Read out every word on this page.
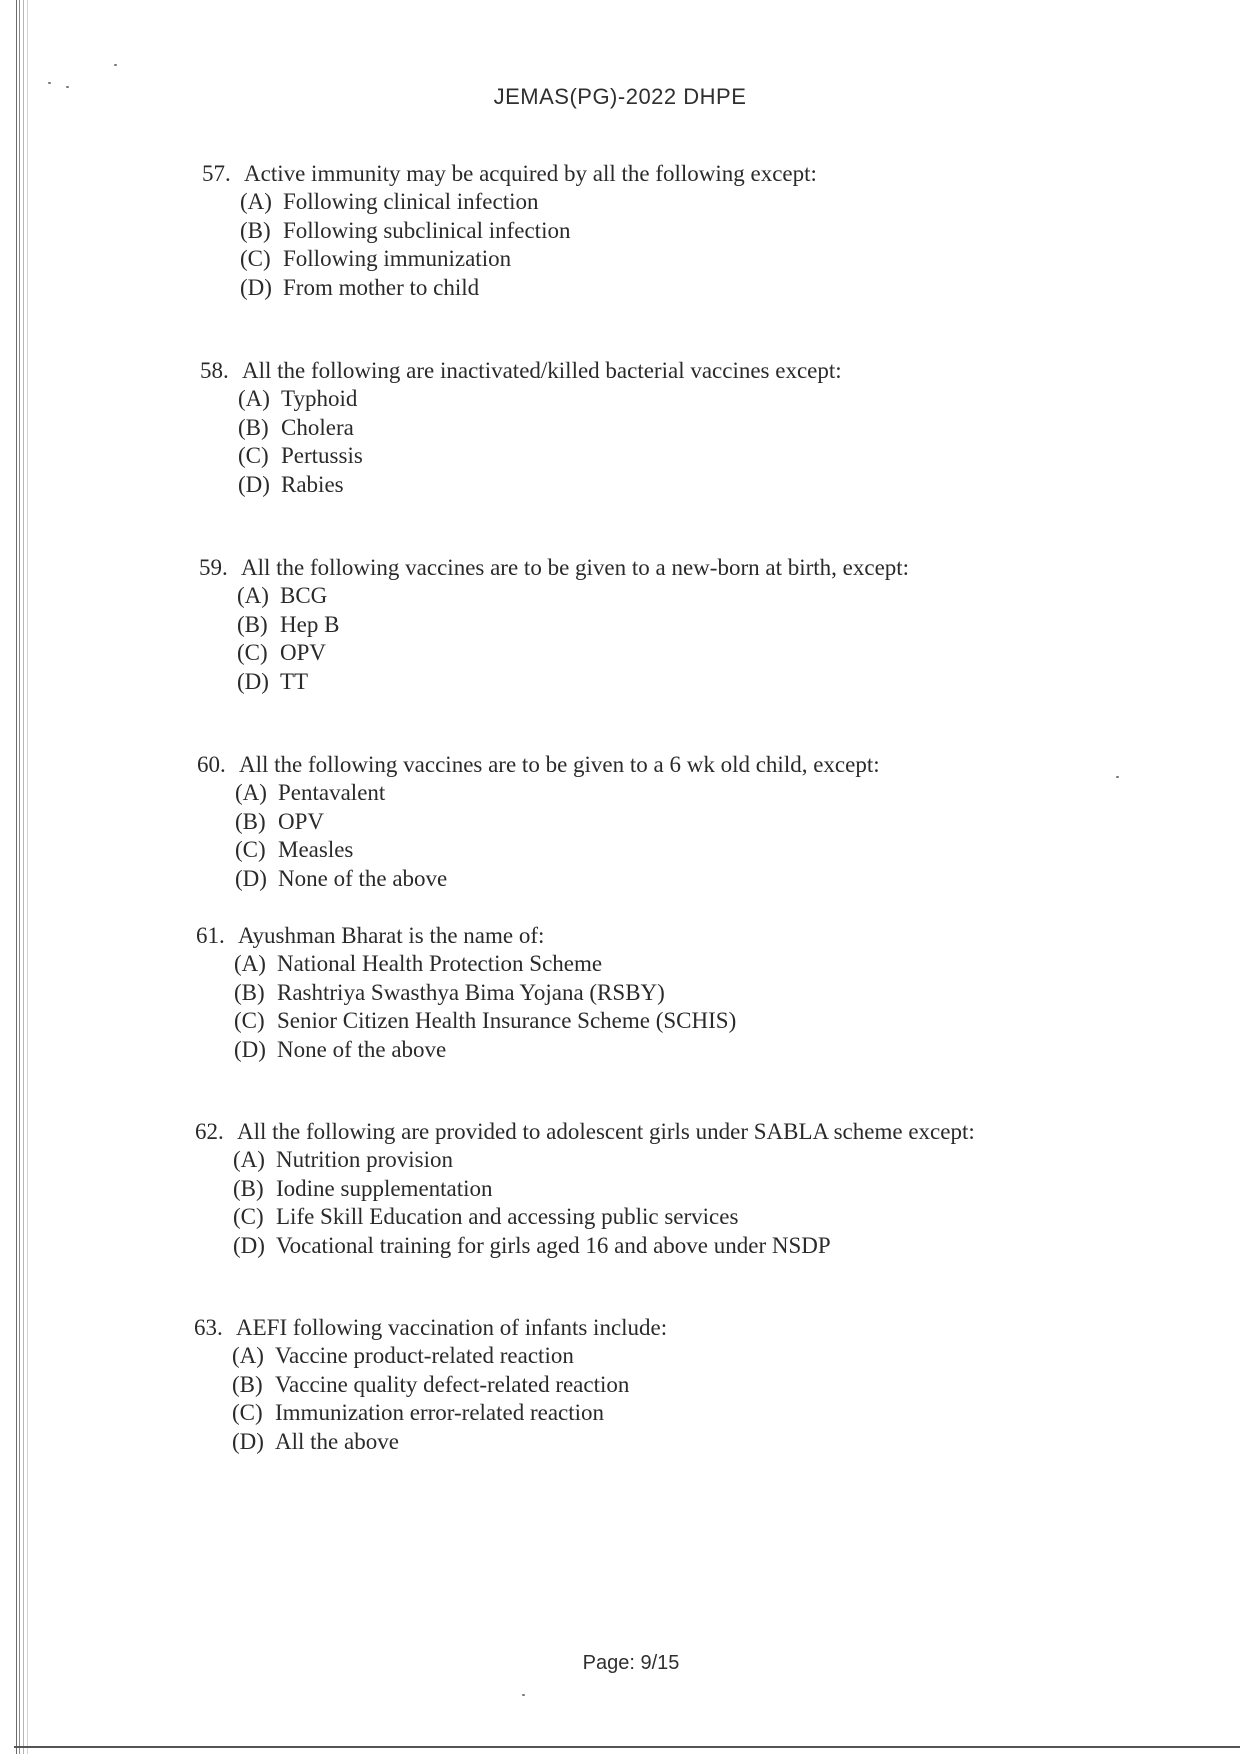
JEMAS(PG)-2022 DHPE
57. Active immunity may be acquired by all the following except:
(A) Following clinical infection
(B) Following subclinical infection
(C) Following immunization
(D) From mother to child
58. All the following are inactivated/killed bacterial vaccines except:
(A) Typhoid
(B) Cholera
(C) Pertussis
(D) Rabies
59. All the following vaccines are to be given to a new-born at birth, except:
(A) BCG
(B) Hep B
(C) OPV
(D) TT
60. All the following vaccines are to be given to a 6 wk old child, except:
(A) Pentavalent
(B) OPV
(C) Measles
(D) None of the above
61. Ayushman Bharat is the name of:
(A) National Health Protection Scheme
(B) Rashtriya Swasthya Bima Yojana (RSBY)
(C) Senior Citizen Health Insurance Scheme (SCHIS)
(D) None of the above
62. All the following are provided to adolescent girls under SABLA scheme except:
(A) Nutrition provision
(B) Iodine supplementation
(C) Life Skill Education and accessing public services
(D) Vocational training for girls aged 16 and above under NSDP
63. AEFI following vaccination of infants include:
(A) Vaccine product-related reaction
(B) Vaccine quality defect-related reaction
(C) Immunization error-related reaction
(D) All the above
Page: 9/15
